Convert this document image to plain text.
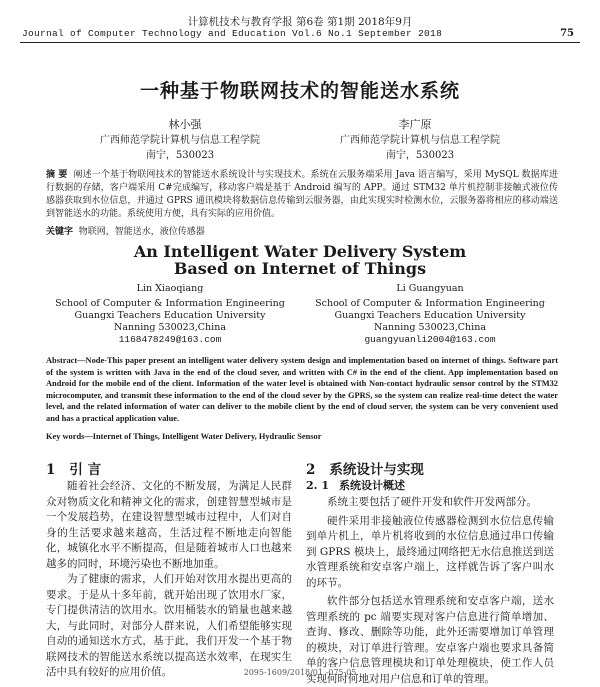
计算机技术与教育学报 第6卷 第1期 2018年9月
Journal of Computer Technology and Education Vol.6 No.1 September 2018	75
一种基于物联网技术的智能送水系统
林小强	李广原
广西师范学院计算机与信息工程学院
南宁，530023
广西师范学院计算机与信息工程学院
南宁，530023
摘 要 阐述一个基于物联网技术的智能送水系统设计与实现技术。系统在云服务端采用 Java 语言编写，采用 MySQL 数据库进行数据的存储，客户端采用 C#完成编写，移动客户端是基于 Android 编写的 APP。通过 STM32 单片机控制非接触式液位传感器获取到水位信息，并通过 GPRS 通讯模块将数据信息传输到云服务器，由此实现实时检测水位，云服务器将相应的移动端送到智能送水的功能。系统使用方便，具有实际的应用价值。
关键字 物联网，智能送水，液位传感器
An Intelligent Water Delivery System
Based on Internet of Things
Lin Xiaoqiang	Li Guangyuan
School of Computer & Information Engineering
Guangxi Teachers Education University
Nanning 530023,China
1168478249@163.com
School of Computer & Information Engineering
Guangxi Teachers Education University
Nanning 530023,China
guangyuanli2004@163.com
Abstract—Node-This paper present an intelligent water delivery system design and implementation based on internet of things. Software part of the system is written with Java in the end of the cloud sever, and written with C# in the end of the client. App implementation based on Android for the mobile end of the client. Information of the water level is obtained with Non-contact hydraulic sensor control by the STM32 microcomputer, and transmit these information to the end of the cloud sever by the GPRS, so the system can realize real-time detect the water level, and the related information of water can deliver to the mobile client by the end of cloud server, the system can be very convenient used and has a practical application value.
Key words—Internet of Things, Intelligent Water Delivery, Hydraulic Sensor
1 引 言

随着社会经济、文化的不断发展，为满足人民群众对物质文化和精神文化的需求，创建智慧型城市是一个发展趋势，在建设智慧型城市过程中，人们对自身的生活要求越来越高，生活过程不断地走向智能化，城镇化水平不断提高，但是随着城市人口也越来越多的同时，环境污染也不断地加重。

为了健康的需求，人们开始对饮用水提出更高的要求。于是从十多年前，就开始出现了饮用水厂家，专门提供清洁的饮用水。饮用桶装水的销量也越来越大，与此同时，对部分人群来说，人们希望能够实现自动的通知送水方式，基于此，我们开发一个基于物联网技术的智能送水系统以提高送水效率，在现实生活中具有较好的应用价值。

2 系统设计与实现
2. 1 系统设计概述

系统主要包括了硬件开发和软件开发两部分。

硬件采用非接触液位传感器检测到水位信息传输到单片机上，单片机将收到的水位信息通过串口传输到 GPRS 模块上，最终通过网络把无水信息推送到送水管理系统和安卓客户端上，这样就告诉了客户叫水的环节。

软件部分包括送水管理系统和安卓客户端，送水管理系统的 pc 端要实现对客户信息进行简单增加、查询、修改、删除等功能，此外还需要增加订单管理的模块，对订单进行管理。安卓客户端也要求具备简单的客户信息管理模块和订单处理模块，使工作人员实现何时何地对用户信息和订单的管理。

2095-1609/2018/01 -075-05
